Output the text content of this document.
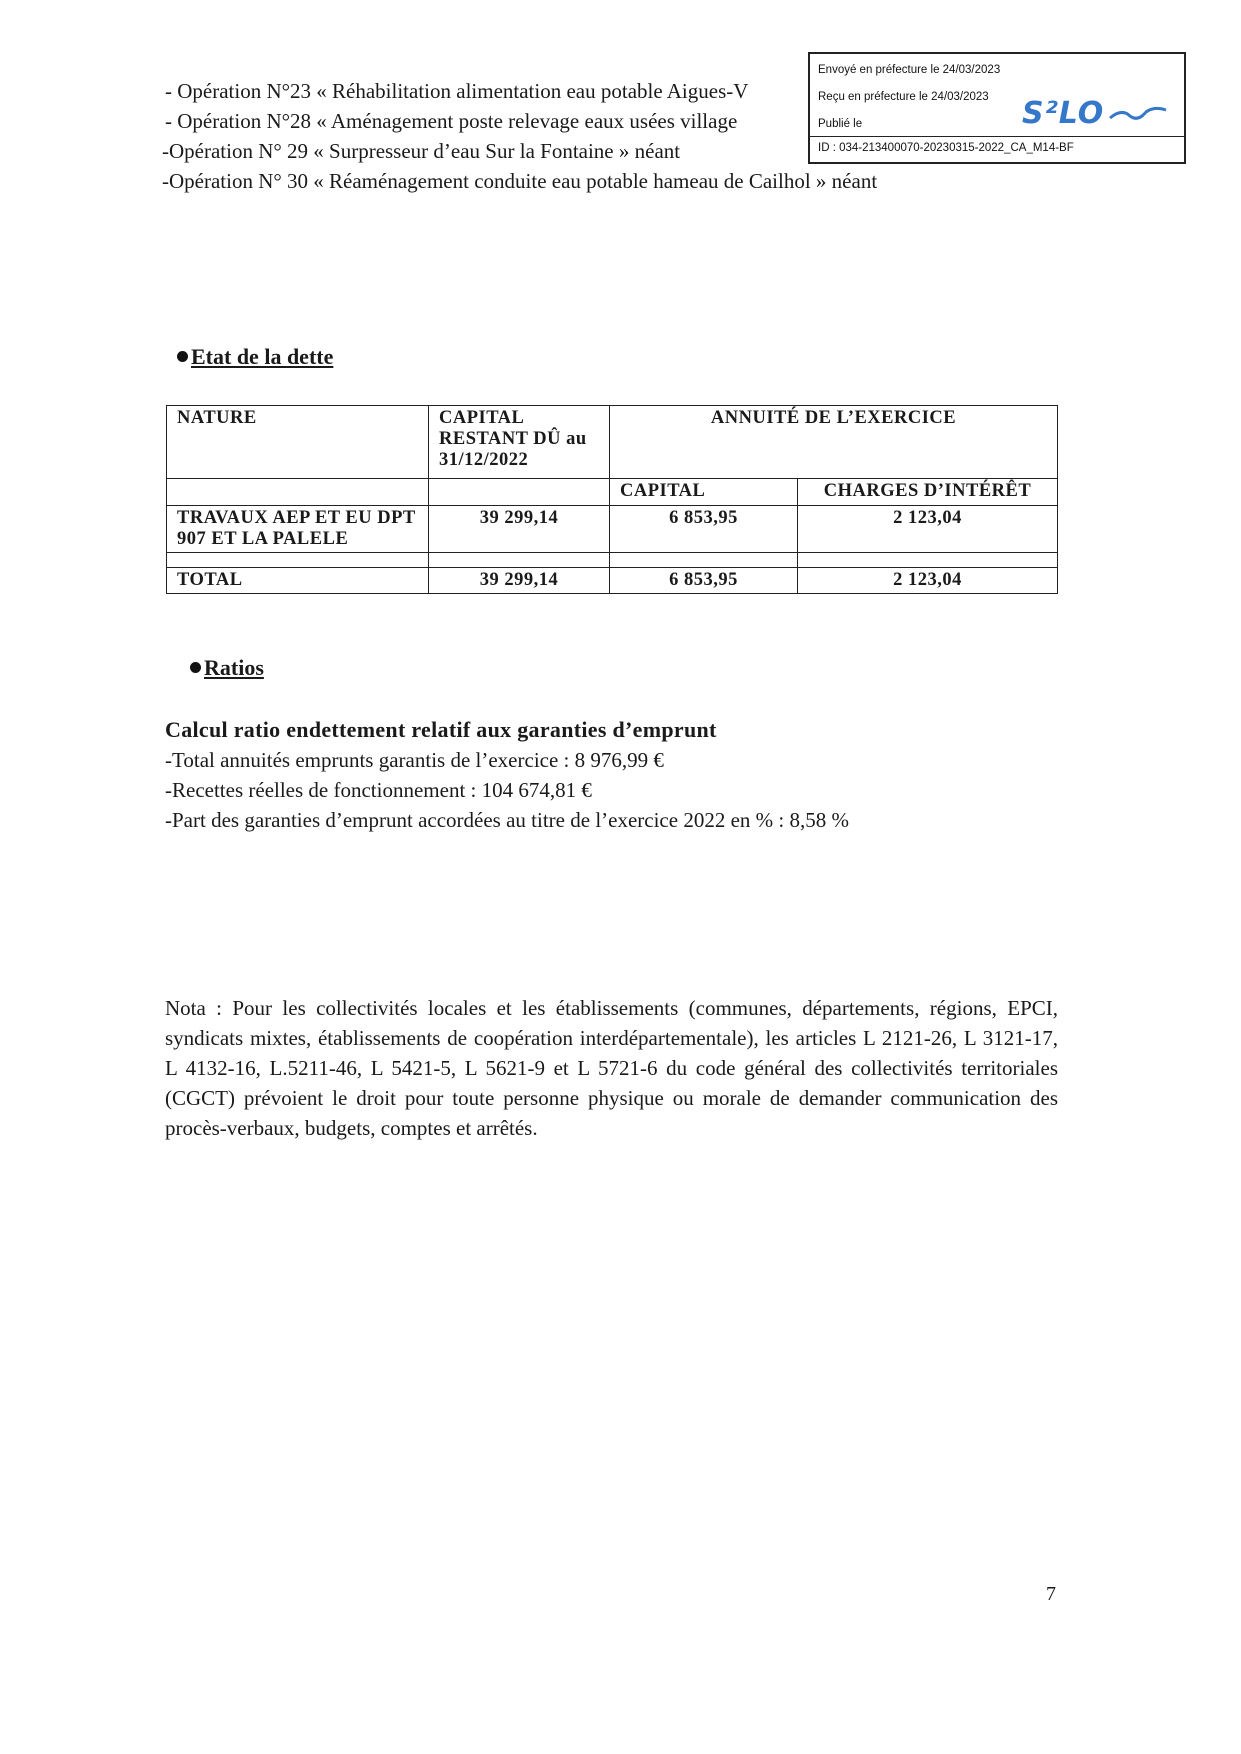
- Opération N°23 « Réhabilitation alimentation eau potable Aigues-V
- Opération N°28 « Aménagement poste relevage eaux usées village
-Opération N° 29 « Surpresseur d’eau Sur la Fontaine » néant
-Opération N° 30 « Réaménagement conduite eau potable hameau de Cailhol » néant
Envoyé en préfecture le 24/03/2023
Reçu en préfecture le 24/03/2023
Publié le
ID : 034-213400070-20230315-2022_CA_M14-BF
S²LO
Etat de la dette
NATURE	CAPITAL RESTANT DÛ au 31/12/2022	ANNUITÉ DE L’EXERCICE	
		CAPITAL	CHARGES D’INTÉRÊT
TRAVAUX AEP ET EU DPT 907 ET LA PALELE	39 299,14	6 853,95	2 123,04

TOTAL	39 299,14	6 853,95	2 123,04
Ratios
Calcul ratio endettement relatif aux garanties d’emprunt
-Total annuités emprunts garantis de l’exercice : 8 976,99 €
-Recettes réelles de fonctionnement : 104 674,81 €
-Part des garanties d’emprunt accordées au titre de l’exercice 2022 en % : 8,58 %
Nota : Pour les collectivités locales et les établissements (communes, départements, régions, EPCI, syndicats mixtes, établissements de coopération interdépartementale), les articles L 2121-26, L 3121-17, L 4132-16, L.5211-46, L 5421-5, L 5621-9 et L 5721-6 du code général des collectivités territoriales (CGCT) prévoient le droit pour toute personne physique ou morale de demander communication des procès-verbaux, budgets, comptes et arrêtés.
7
